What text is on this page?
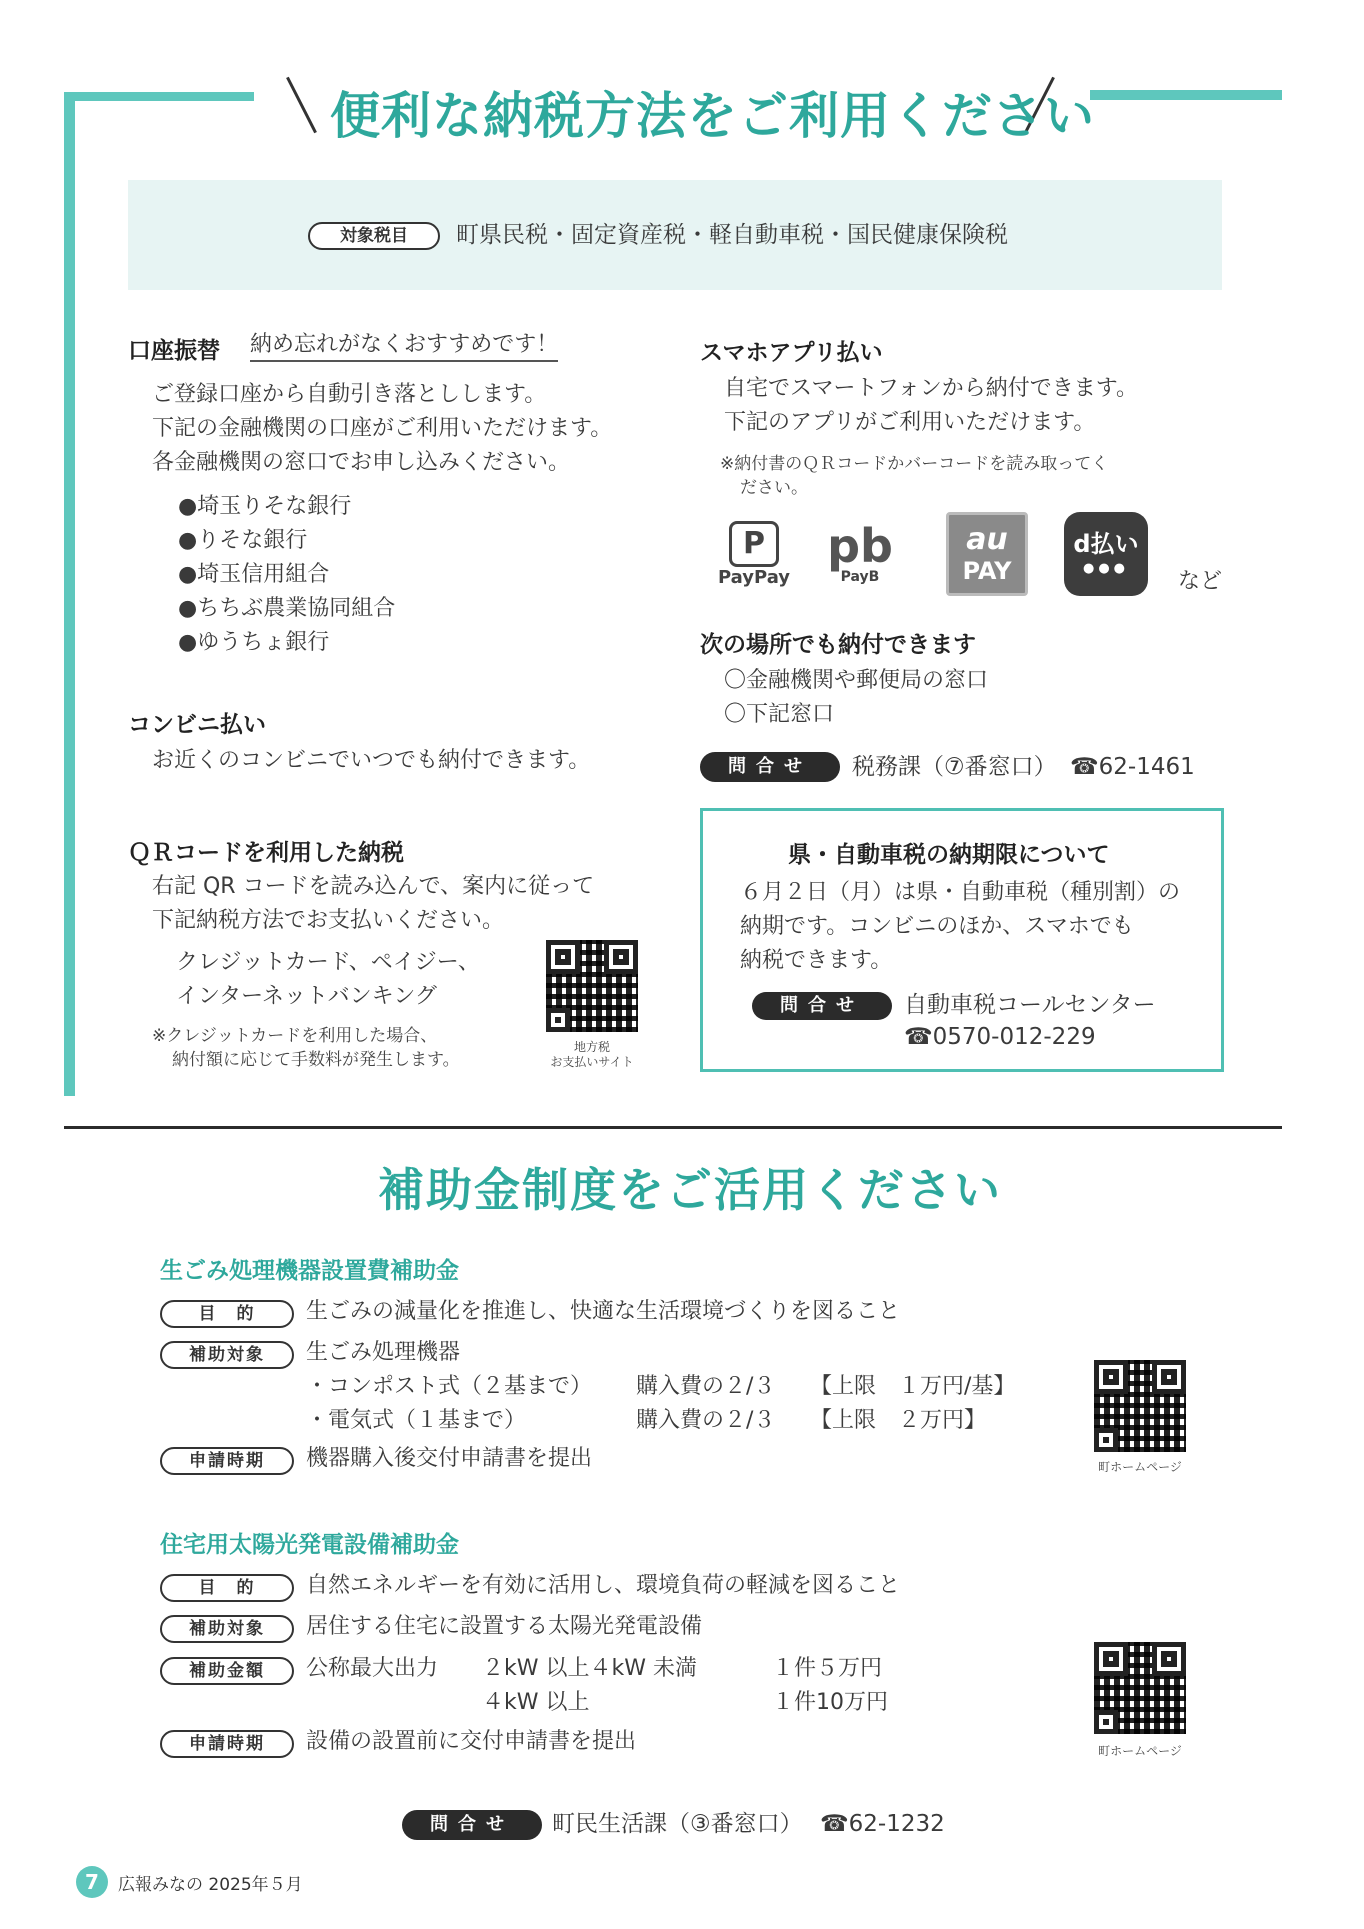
便利な納税方法をご利用ください
対象税目	町県民税・固定資産税・軽自動車税・国民健康保険税
口座振替 納め忘れがなくおすすめです！
ご登録口座から自動引き落としします。
下記の金融機関の口座がご利用いただけます。
各金融機関の窓口でお申し込みください。
●埼玉りそな銀行
●りそな銀行
●埼玉信用組合
●ちちぶ農業協同組合
●ゆうちょ銀行
コンビニ払い
お近くのコンビニでいつでも納付できます。
ＱＲコードを利用した納税
右記 QR コードを読み込んで、案内に従って
下記納税方法でお支払いください。
クレジットカード、ペイジー、
インターネットバンキング
※クレジットカードを利用した場合、
納付額に応じて手数料が発生します。
地方税
お支払いサイト
スマホアプリ払い
自宅でスマートフォンから納付できます。
下記のアプリがご利用いただけます。
※納付書のＱＲコードかバーコードを読み取ってく
ださい。
P
PayPay
pb
PayB
au
PAY
d払い
●●●
など
次の場所でも納付できます
〇金融機関や郵便局の窓口
〇下記窓口
問合せ	税務課（⑦番窓口） ☎62-1461
県・自動車税の納期限について
６月２日（月）は県・自動車税（種別割）の
納期です。コンビニのほか、スマホでも
納税できます。
問合せ	自動車税コールセンター
☎0570-012-229
補助金制度をご活用ください
生ごみ処理機器設置費補助金
目　的	生ごみの減量化を推進し、快適な生活環境づくりを図ること
補助対象	生ごみ処理機器
・コンポスト式（２基まで） 購入費の２/３ 【上限　１万円/基】
・電気式（１基まで）	購入費の２/３ 【上限　２万円】
申請時期	機器購入後交付申請書を提出	町ホームページ
住宅用太陽光発電設備補助金
目　的	自然エネルギーを有効に活用し、環境負荷の軽減を図ること
補助対象	居住する住宅に設置する太陽光発電設備
補助金額	公称最大出力 ２kW 以上４kW 未満	１件５万円
４kW 以上	１件10万円
申請時期	設備の設置前に交付申請書を提出	町ホームページ
問合せ	町民生活課（③番窓口） ☎62-1232
7	広報みなの 2025年５月
